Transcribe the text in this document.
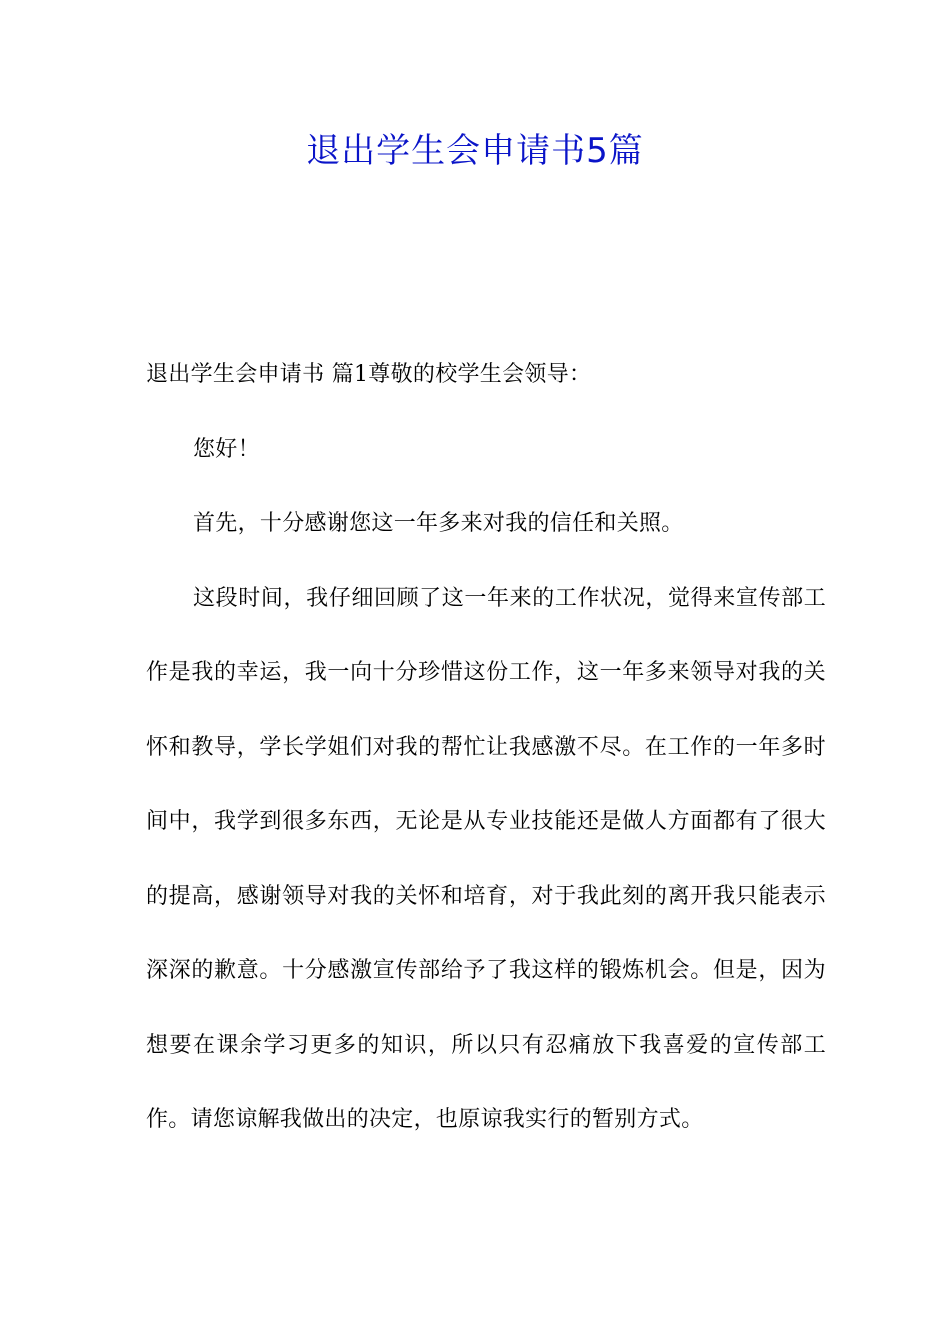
退出学生会申请书5篇

退出学生会申请书 篇1尊敬的校学生会领导：

您好！

首先，十分感谢您这一年多来对我的信任和关照。

这段时间，我仔细回顾了这一年来的工作状况，觉得来宣传部工作是我的幸运，我一向十分珍惜这份工作，这一年多来领导对我的关怀和教导，学长学姐们对我的帮忙让我感激不尽。在工作的一年多时间中，我学到很多东西，无论是从专业技能还是做人方面都有了很大的提高，感谢领导对我的关怀和培育，对于我此刻的离开我只能表示深深的歉意。十分感激宣传部给予了我这样的锻炼机会。但是，因为想要在课余学习更多的知识，所以只有忍痛放下我喜爱的宣传部工作。请您谅解我做出的决定，也原谅我实行的暂别方式。
